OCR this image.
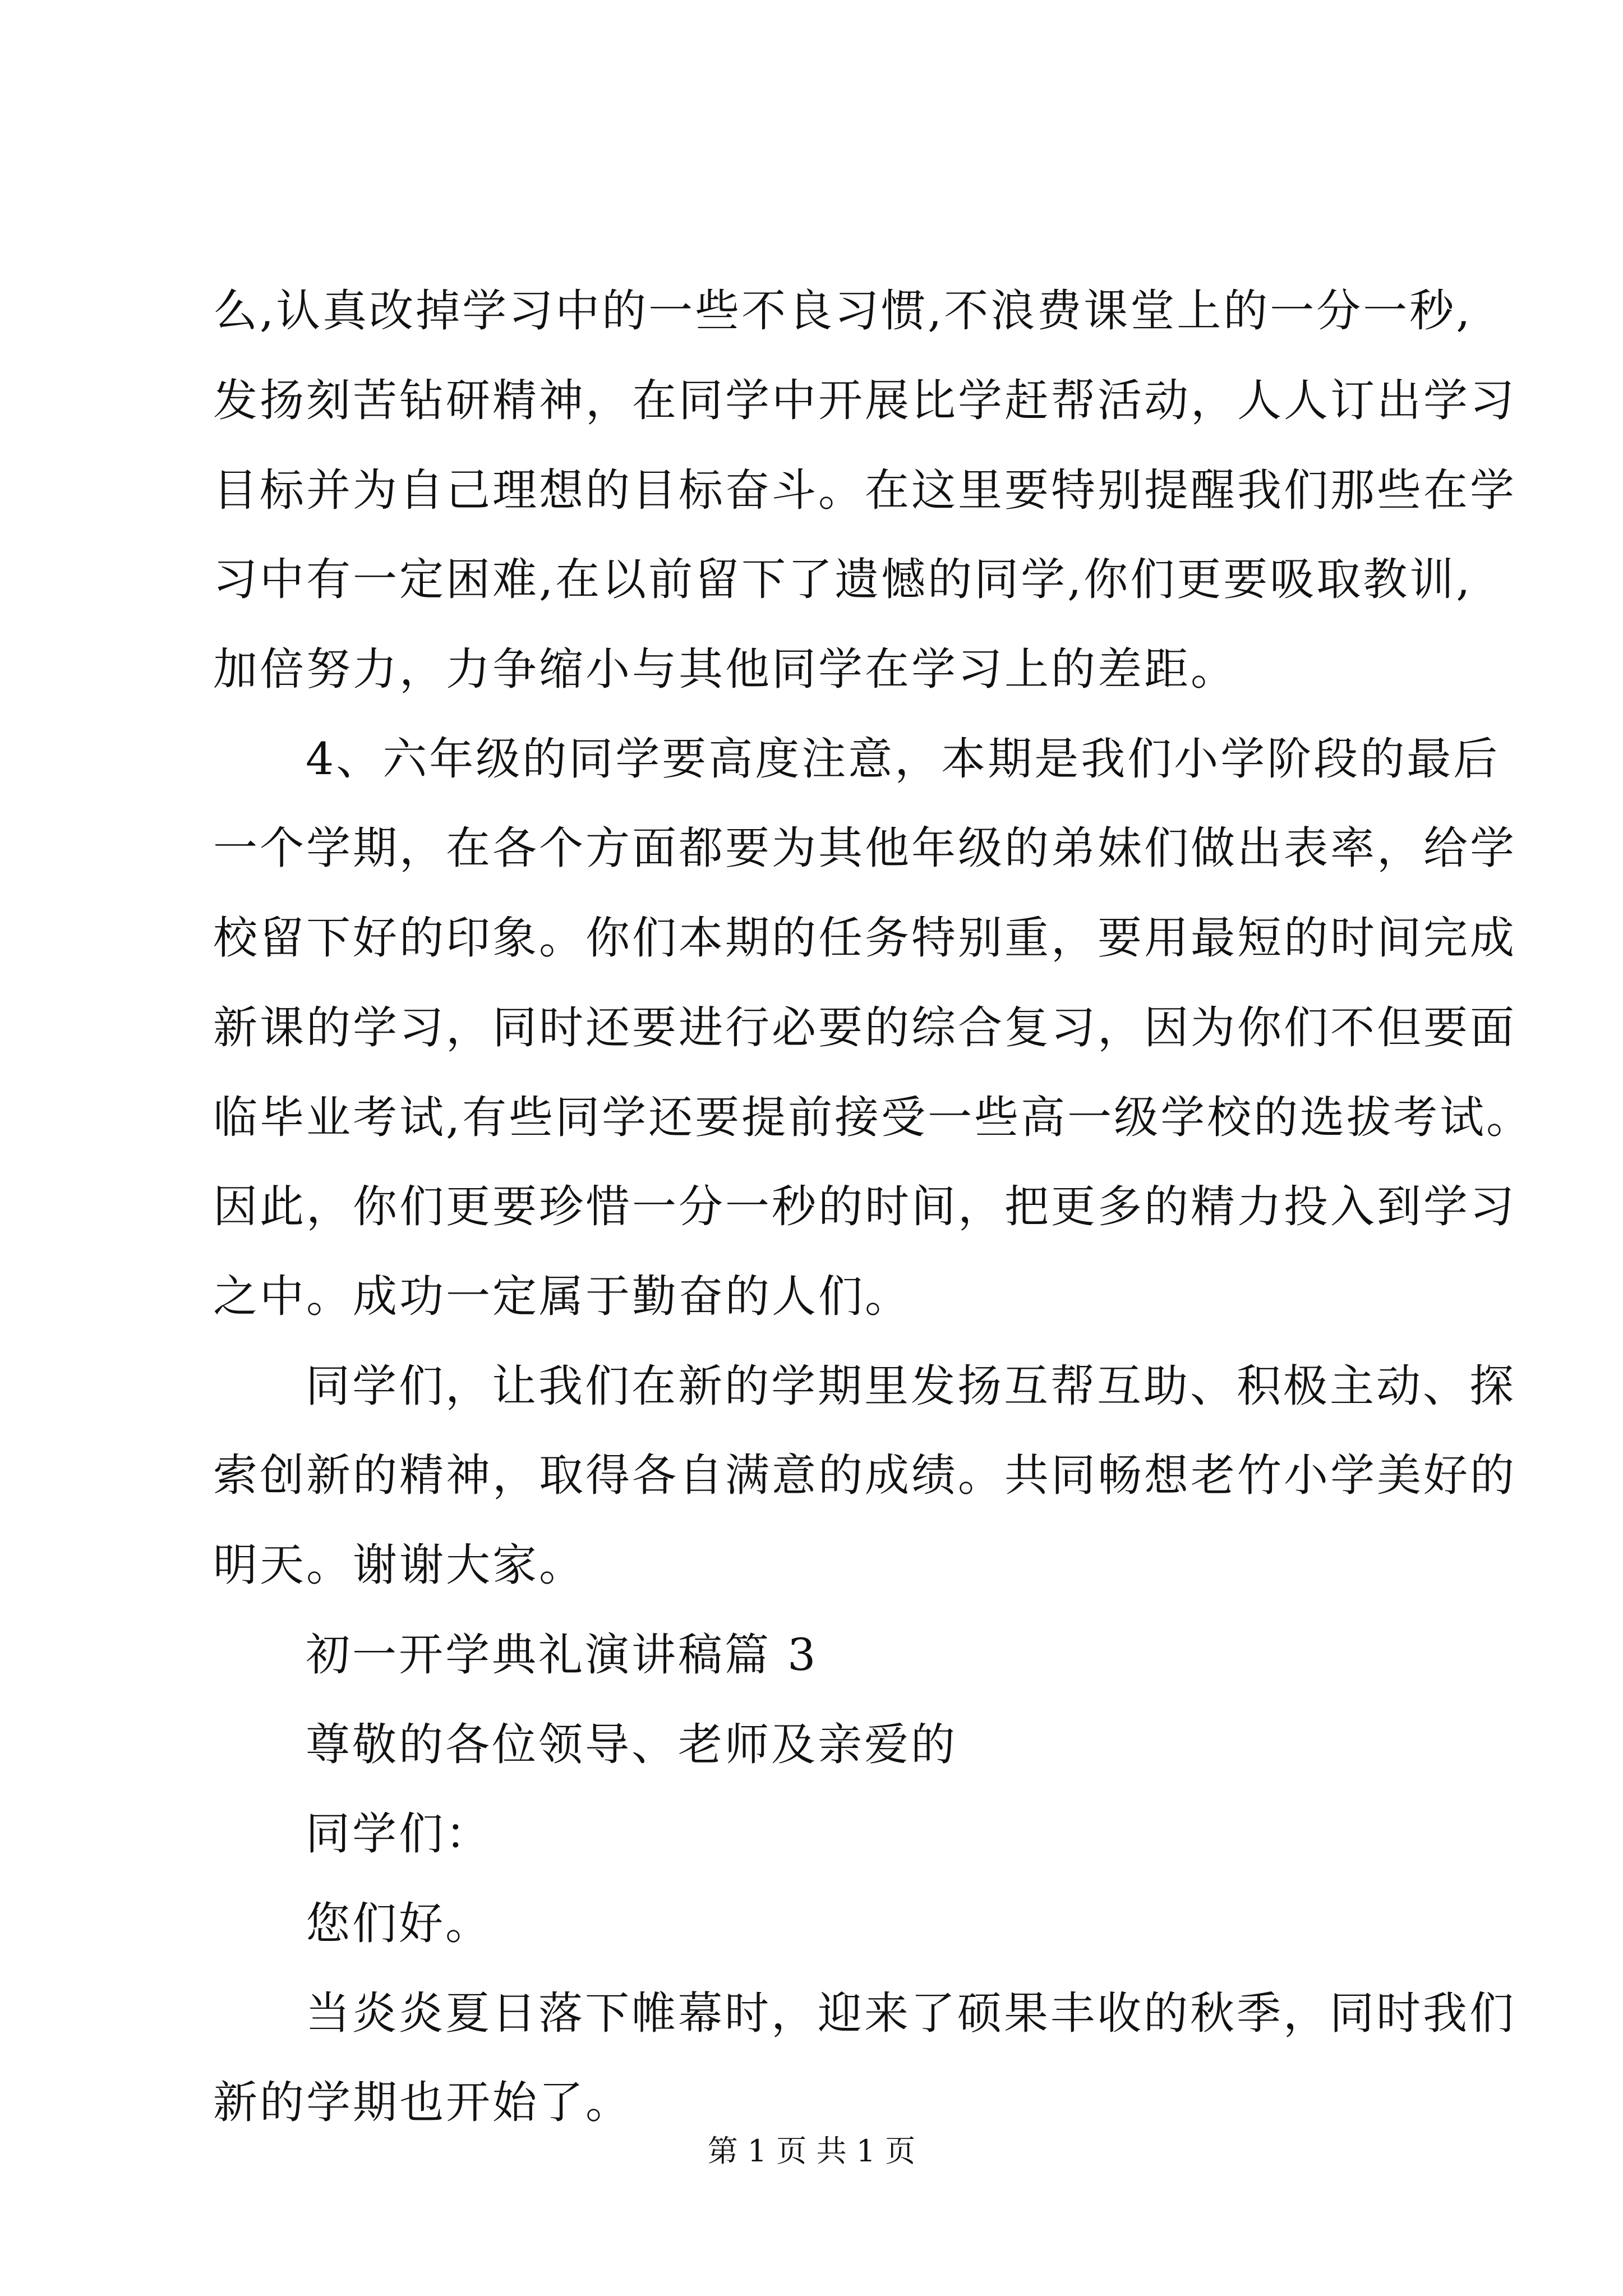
么,认真改掉学习中的一些不良习惯,不浪费课堂上的一分一秒,
发扬刻苦钻研精神，在同学中开展比学赶帮活动，人人订出学习
目标并为自己理想的目标奋斗。在这里要特别提醒我们那些在学
习中有一定困难,在以前留下了遗憾的同学,你们更要吸取教训,
加倍努力，力争缩小与其他同学在学习上的差距。
4、六年级的同学要高度注意，本期是我们小学阶段的最后
一个学期，在各个方面都要为其他年级的弟妹们做出表率，给学
校留下好的印象。你们本期的任务特别重，要用最短的时间完成
新课的学习，同时还要进行必要的综合复习，因为你们不但要面
临毕业考试,有些同学还要提前接受一些高一级学校的选拔考试。
因此，你们更要珍惜一分一秒的时间，把更多的精力投入到学习
之中。成功一定属于勤奋的人们。
同学们，让我们在新的学期里发扬互帮互助、积极主动、探
索创新的精神，取得各自满意的成绩。共同畅想老竹小学美好的
明天。谢谢大家。
初一开学典礼演讲稿篇 3
尊敬的各位领导、老师及亲爱的
同学们：
您们好。
当炎炎夏日落下帷幕时，迎来了硕果丰收的秋季，同时我们
新的学期也开始了。
第 1 页 共 1 页
